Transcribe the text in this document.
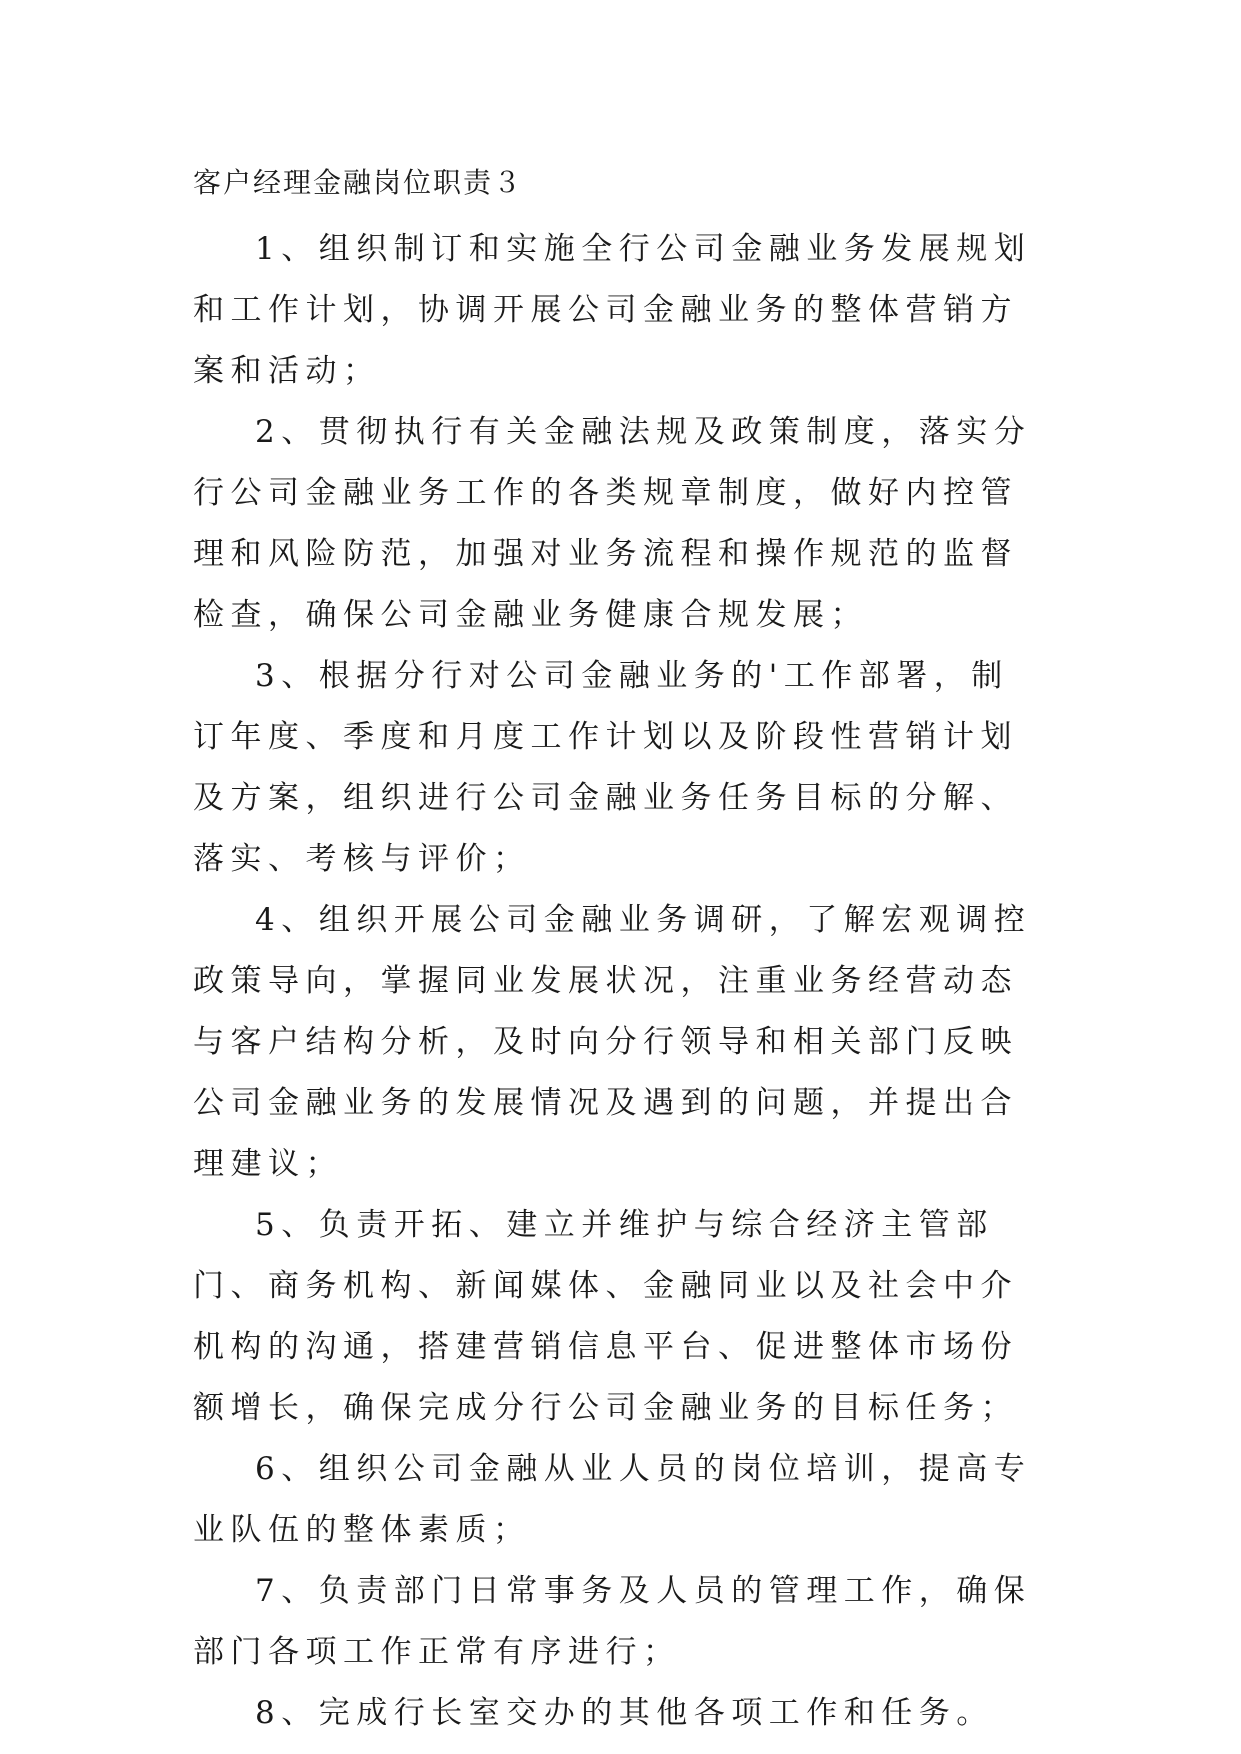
客户经理金融岗位职责３

1、组织制订和实施全行公司金融业务发展规划和工作计划，协调开展公司金融业务的整体营销方案和活动；

2、贯彻执行有关金融法规及政策制度，落实分行公司金融业务工作的各类规章制度，做好内控管理和风险防范，加强对业务流程和操作规范的监督检查，确保公司金融业务健康合规发展；

3、根据分行对公司金融业务的'工作部署，制订年度、季度和月度工作计划以及阶段性营销计划及方案，组织进行公司金融业务任务目标的分解、落实、考核与评价；

4、组织开展公司金融业务调研，了解宏观调控政策导向，掌握同业发展状况，注重业务经营动态与客户结构分析，及时向分行领导和相关部门反映公司金融业务的发展情况及遇到的问题，并提出合理建议；

5、负责开拓、建立并维护与综合经济主管部门、商务机构、新闻媒体、金融同业以及社会中介机构的沟通，搭建营销信息平台、促进整体市场份额增长，确保完成分行公司金融业务的目标任务；

6、组织公司金融从业人员的岗位培训，提高专业队伍的整体素质；

7、负责部门日常事务及人员的管理工作，确保部门各项工作正常有序进行；

8、完成行长室交办的其他各项工作和任务。
